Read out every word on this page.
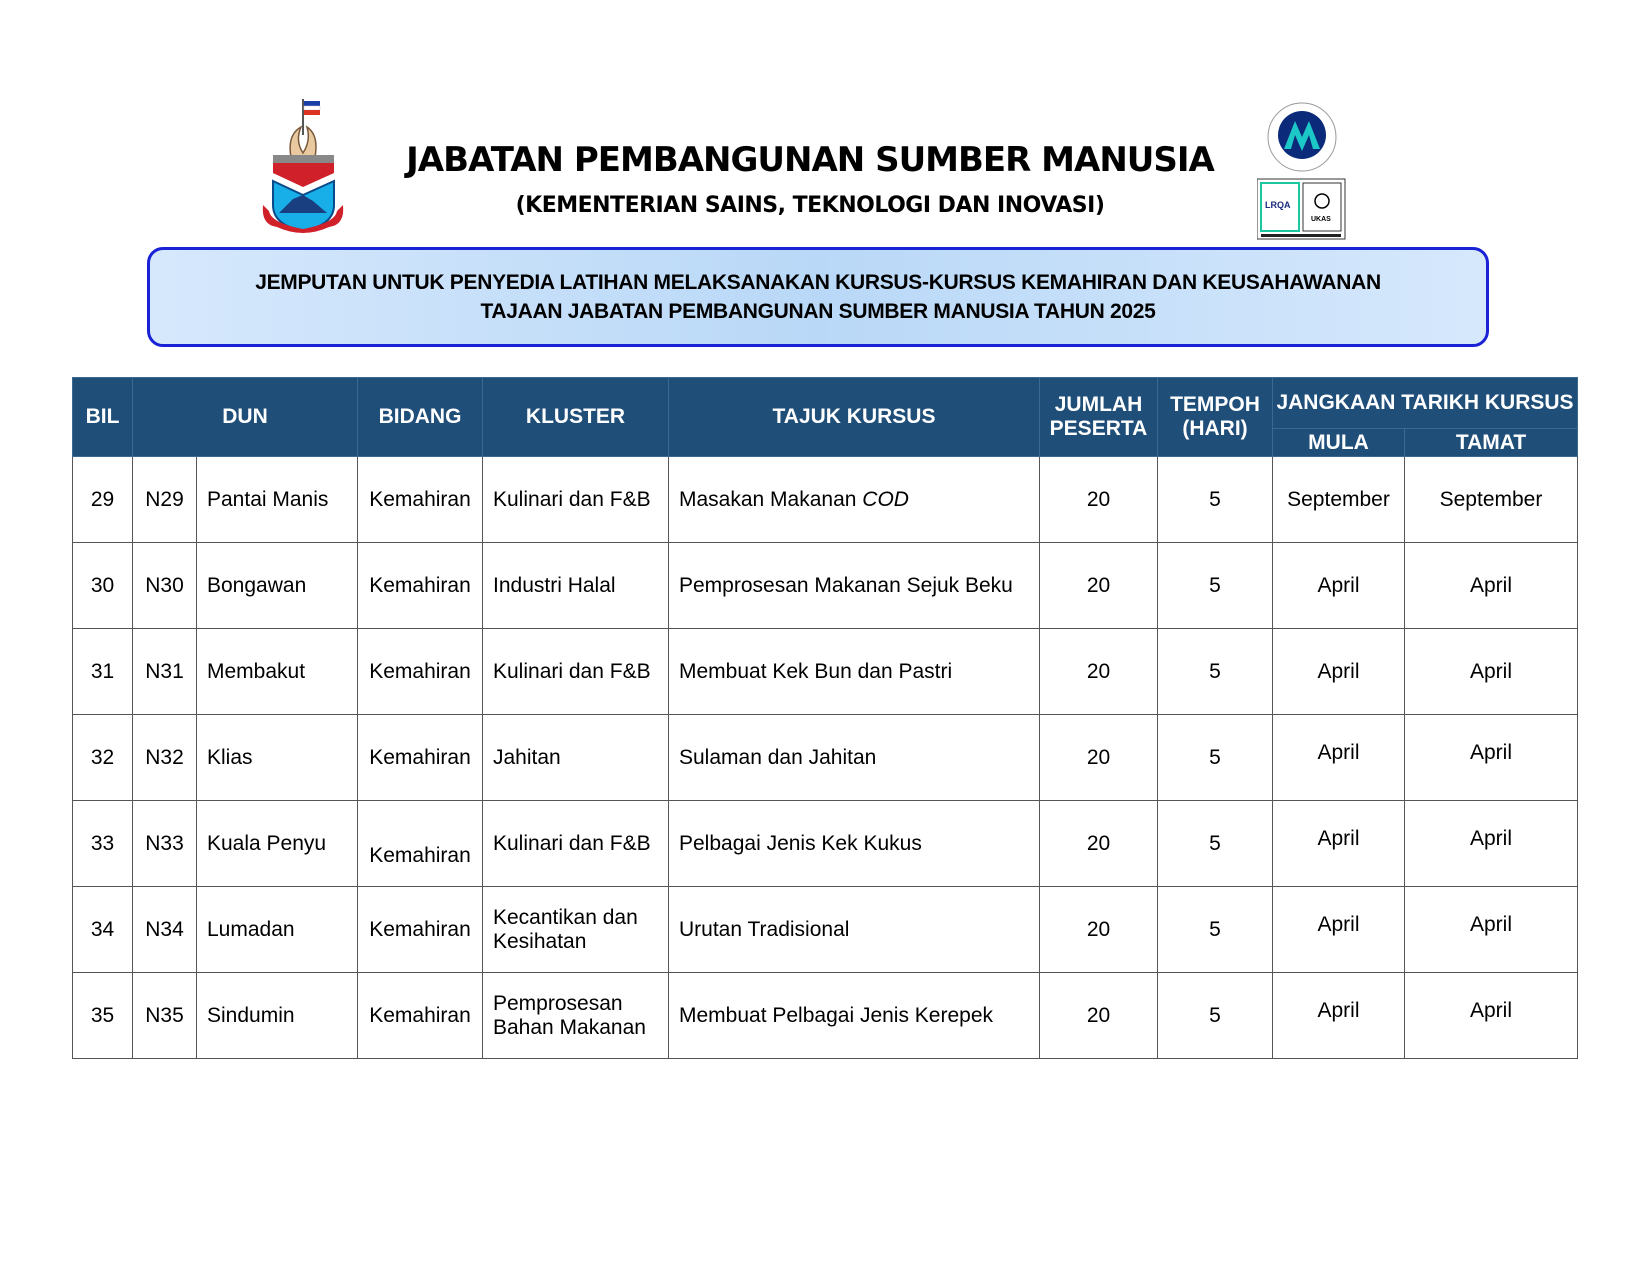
JABATAN PEMBANGUNAN SUMBER MANUSIA
(KEMENTERIAN SAINS, TEKNOLOGI DAN INOVASI)	LRQA
UKAS
JEMPUTAN UNTUK PENYEDIA LATIHAN MELAKSANAKAN KURSUS-KURSUS KEMAHIRAN DAN KEUSAHAWANAN
TAJAAN JABATAN PEMBANGUNAN SUMBER MANUSIA TAHUN 2025
BIL	DUN		BIDANG	KLUSTER	TAJUK KURSUS	JUMLAH PESERTA	TEMPOH (HARI)	JANGKAAN TARIKH KURSUS	
								MULA	TAMAT
29	N29	Pantai Manis	Kemahiran	Kulinari dan F&B	Masakan Makanan COD	20	5	September	September
30	N30	Bongawan	Kemahiran	Industri Halal	Pemprosesan Makanan Sejuk Beku	20	5	April	April
31	N31	Membakut	Kemahiran	Kulinari dan F&B	Membuat Kek Bun dan Pastri	20	5	April	April
32	N32	Klias	Kemahiran	Jahitan	Sulaman dan Jahitan	20	5	April	April
33	N33	Kuala Penyu	Kemahiran	Kulinari dan F&B	Pelbagai Jenis Kek Kukus	20	5	April	April
34	N34	Lumadan	Kemahiran	Kecantikan dan Kesihatan	Urutan Tradisional	20	5	April	April
35	N35	Sindumin	Kemahiran	Pemprosesan Bahan Makanan	Membuat Pelbagai Jenis Kerepek	20	5	April	April
